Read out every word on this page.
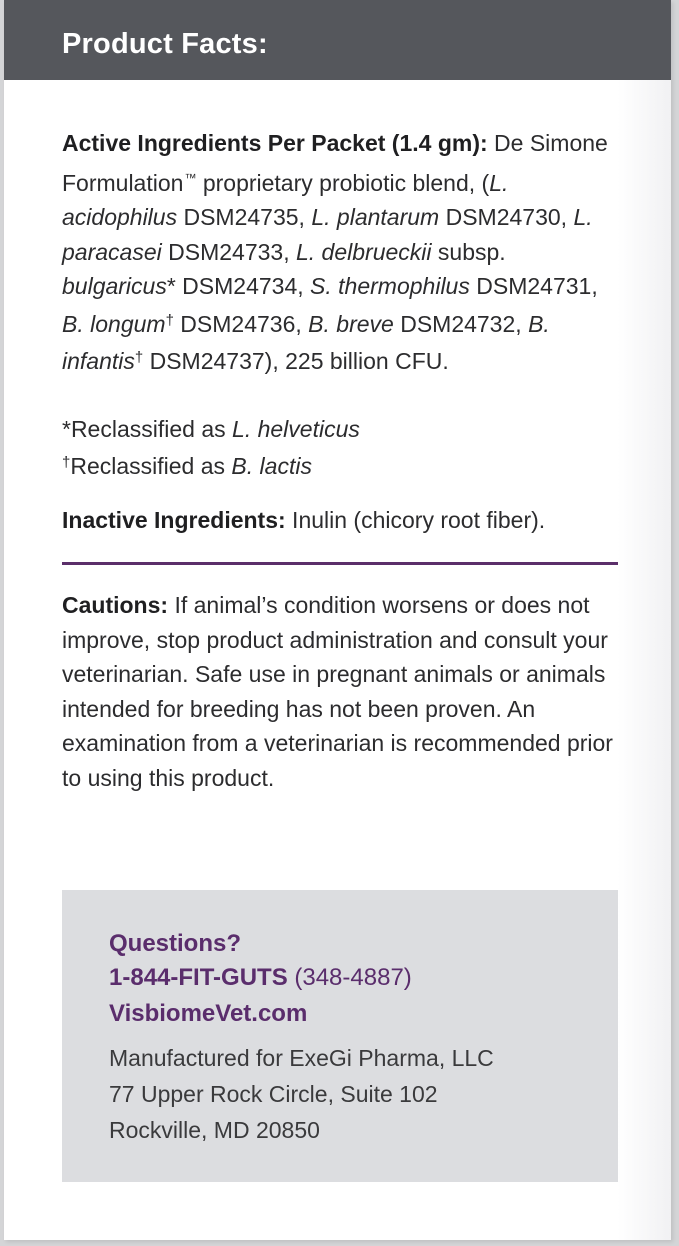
Product Facts:
Active Ingredients Per Packet (1.4 gm): De Simone Formulation™ proprietary probiotic blend, (L. acidophilus DSM24735, L. plantarum DSM24730, L. paracasei DSM24733, L. delbrueckii subsp. bulgaricus* DSM24734, S. thermophilus DSM24731, B. longum† DSM24736, B. breve DSM24732, B. infantis† DSM24737), 225 billion CFU.
*Reclassified as L. helveticus
†Reclassified as B. lactis
Inactive Ingredients: Inulin (chicory root fiber).
Cautions: If animal’s condition worsens or does not improve, stop product administration and consult your veterinarian. Safe use in pregnant animals or animals intended for breeding has not been proven. An examination from a veterinarian is recommended prior to using this product.
Questions?
1-844-FIT-GUTS (348-4887)
VisbiomeVet.com
Manufactured for ExeGi Pharma, LLC
77 Upper Rock Circle, Suite 102
Rockville, MD 20850
